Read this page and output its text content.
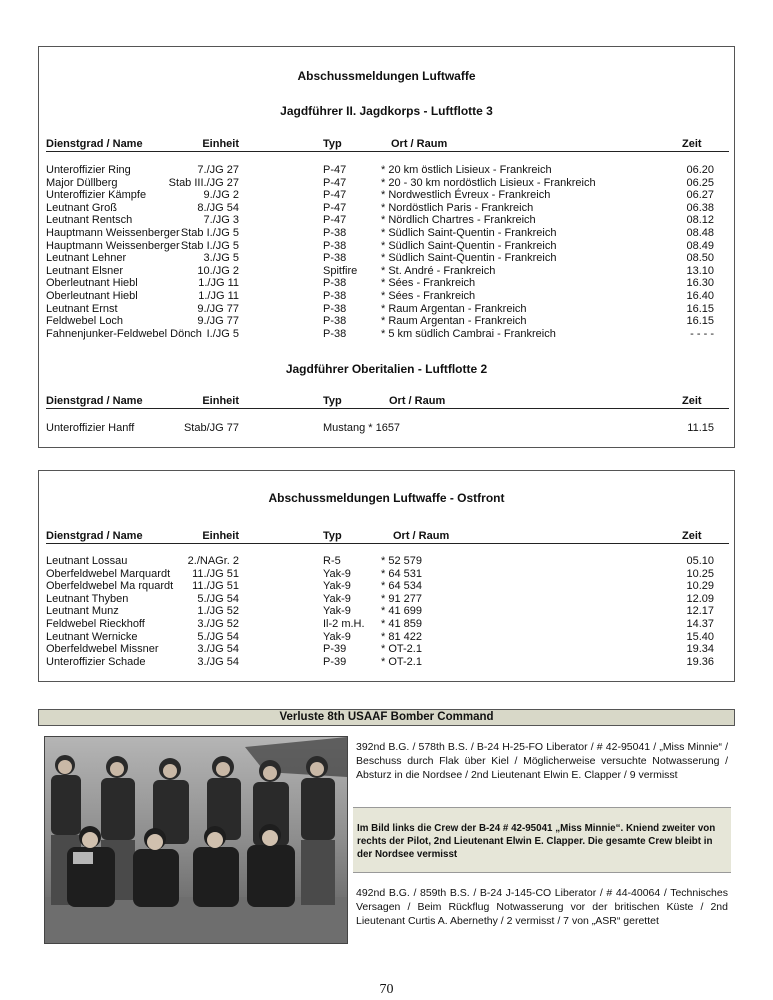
Abschussmeldungen Luftwaffe
Jagdführer II. Jagdkorps - Luftflotte 3
Dienstgrad / Name	Einheit	Typ	Ort / Raum	Zeit
Unteroffizier Ring	7./JG 27	P-47	* 20 km östlich Lisieux - Frankreich	06.20
Major Düllberg	Stab III./JG 27	P-47	* 20 - 30 km nordöstlich Lisieux - Frankreich	06.25
Unteroffizier Kämpfe	9./JG 2	P-47	* Nordwestlich Évreux - Frankreich	06.27
Leutnant Groß	8./JG 54	P-47	* Nordöstlich Paris - Frankreich	06.38
Leutnant Rentsch	7./JG 3	P-47	* Nördlich Chartres - Frankreich	08.12
Hauptmann Weissenberger Stab I./JG 5	P-38	* Südlich Saint-Quentin - Frankreich	08.48
Hauptmann Weissenberger Stab I./JG 5	P-38	* Südlich Saint-Quentin - Frankreich	08.49
Leutnant Lehner	3./JG 5	P-38	* Südlich Saint-Quentin - Frankreich	08.50
Leutnant Elsner	10./JG 2	Spitfire * St. André - Frankreich	13.10
Oberleutnant Hiebl	1./JG 11	P-38	* Sées - Frankreich	16.30
Oberleutnant Hiebl	1./JG 11	P-38	* Sées - Frankreich	16.40
Leutnant Ernst	9./JG 77	P-38	* Raum Argentan - Frankreich	16.15
Feldwebel Loch	9./JG 77	P-38	* Raum Argentan - Frankreich	16.15
Fahnenjunker-Feldwebel Dönch I./JG 5	P-38	* 5 km südlich Cambrai - Frankreich	- - - -
Jagdführer Oberitalien - Luftflotte 2
Dienstgrad / Name	Einheit	Typ	Ort / Raum	Zeit
Unteroffizier Hanff	Stab/JG 77	Mustang * 1657	11.15
Abschussmeldungen Luftwaffe - Ostfront
Dienstgrad / Name	Einheit	Typ	Ort / Raum	Zeit
Leutnant Lossau	2./NAGr. 2	R-5	* 52 579	05.10
Oberfeldwebel Marquardt 11./JG 51	Yak-9	* 64 531	10.25
Oberfeldwebel Ma rquardt 11./JG 51	Yak-9	* 64 534	10.29
Leutnant Thyben	5./JG 54	Yak-9	* 91 277	12.09
Leutnant Munz	1./JG 52	Yak-9	* 41 699	12.17
Feldwebel Rieckhoff	3./JG 52	Il-2 m.H. * 41 859	14.37
Leutnant Wernicke	5./JG 54	Yak-9	* 81 422	15.40
Oberfeldwebel Missner	3./JG 54	P-39	* OT-2.1	19.34
Unteroffizier Schade	3./JG 54	P-39	* OT-2.1	19.36
Verluste 8th USAAF Bomber Command
392nd B.G. / 578th B.S. / B-24 H-25-FO Liberator / # 42-95041 / „Miss Minnie“ / Beschuss durch Flak über Kiel / Möglicherweise versuchte Notwasserung / Absturz in die Nordsee / 2nd Lieutenant Elwin E. Clapper / 9 vermisst
Im Bild links die Crew der B-24 # 42-95041 „Miss Minnie“. Kniend zweiter von rechts der Pilot, 2nd Lieutenant Elwin E. Clapper. Die gesamte Crew bleibt in der Nordsee vermisst
492nd B.G. / 859th B.S. / B-24 J-145-CO Liberator / # 44-40064 / Technisches Versagen / Beim Rückflug Notwasserung vor der britischen Küste / 2nd Lieutenant Curtis A. Abernethy / 2 vermisst / 7 von „ASR“ gerettet
70
